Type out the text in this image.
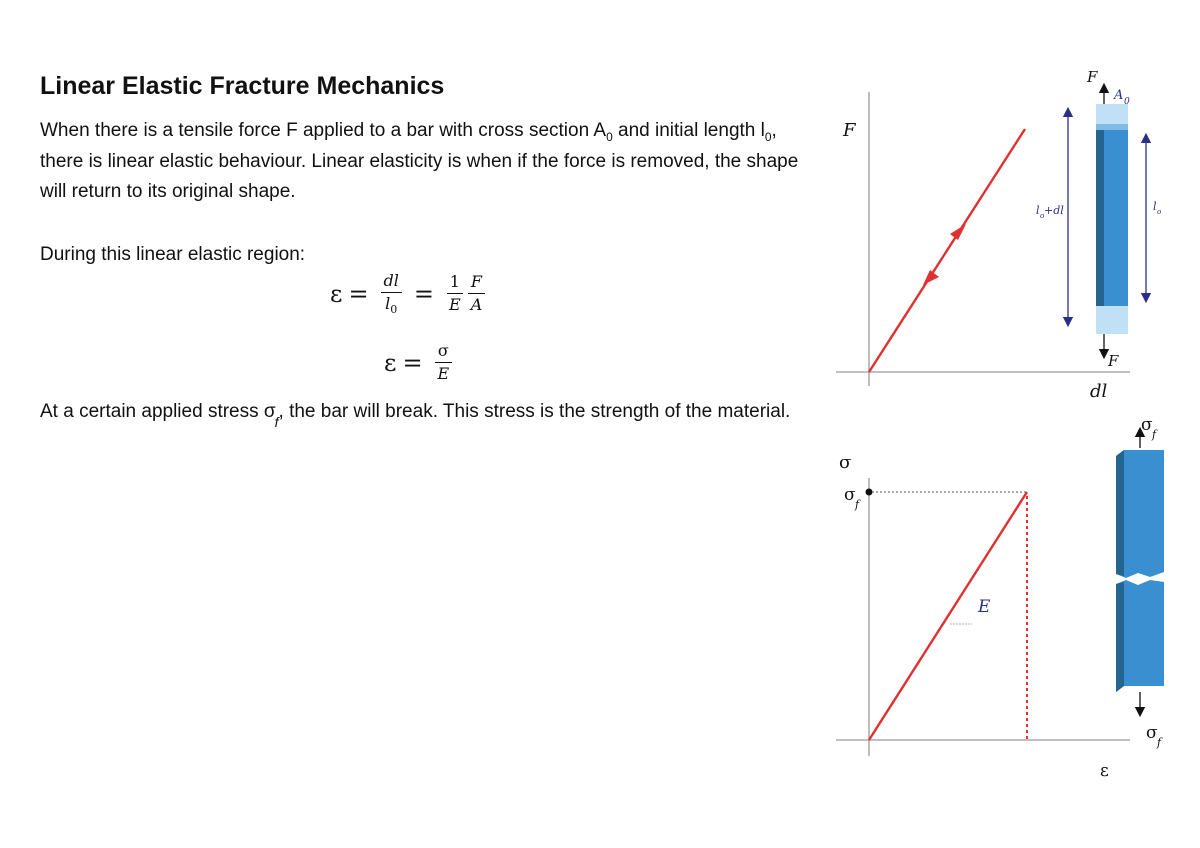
Linear Elastic Fracture Mechanics

When there is a tensile force F applied to a bar with cross section $A_0$ and initial length $l_0$, there is linear elastic behaviour. Linear elasticity is when if the force is removed, the shape will return to its original shape.

During this linear elastic region:

$\varepsilon = \frac{dl}{l_0} = \frac{1}{E} \frac{F}{A}$
$\varepsilon = \frac{\sigma}{E}$

At a certain applied stress $\sigma_f$, the bar will break. This stress is the strength of the material.

F
dl
F
A 0
l o +dl	l o
F
σ
ε
σ f
E
σ f
σ f
